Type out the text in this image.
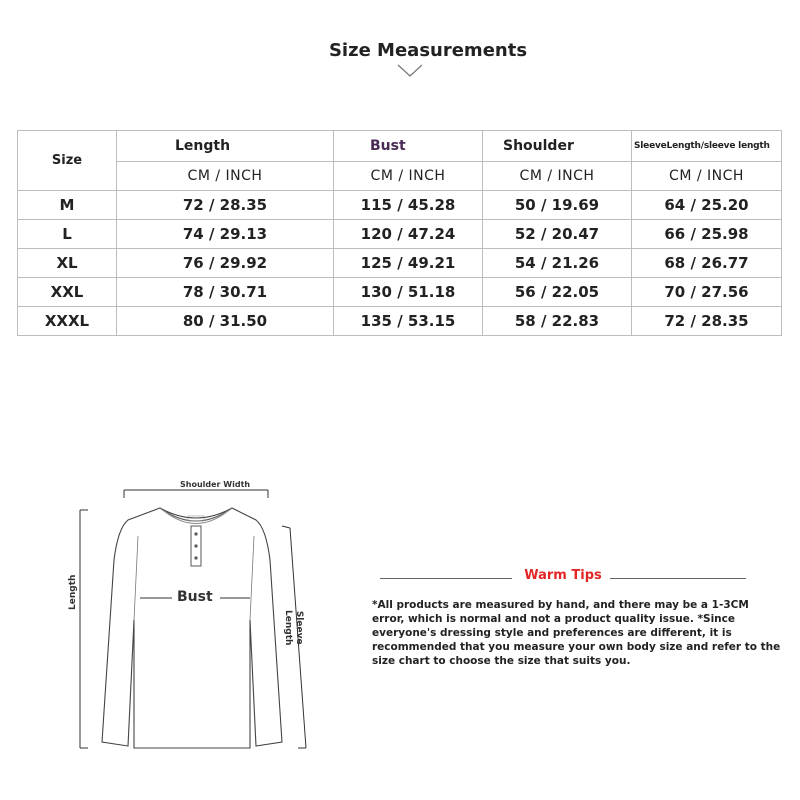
Size Measurements
Size	Length	Bust	Shoulder	SleeveLength/sleeve length
	CM / INCH	CM / INCH	CM / INCH	CM / INCH
M	72 / 28.35	115 / 45.28	50 / 19.69	64 / 25.20
L	74 / 29.13	120 / 47.24	52 / 20.47	66 / 25.98
XL	76 / 29.92	125 / 49.21	54 / 21.26	68 / 26.77
XXL	78 / 30.71	130 / 51.18	56 / 22.05	70 / 27.56
XXXL	80 / 31.50	135 / 53.15	58 / 22.83	72 / 28.35
Shoulder Width
Bust
Length
Sleeve
Length
Warm Tips
*All products are measured by hand, and there may be a 1-3CM error, which is normal and not a product quality issue. *Since everyone's dressing style and preferences are different, it is recommended that you measure your own body size and refer to the size chart to choose the size that suits you.
